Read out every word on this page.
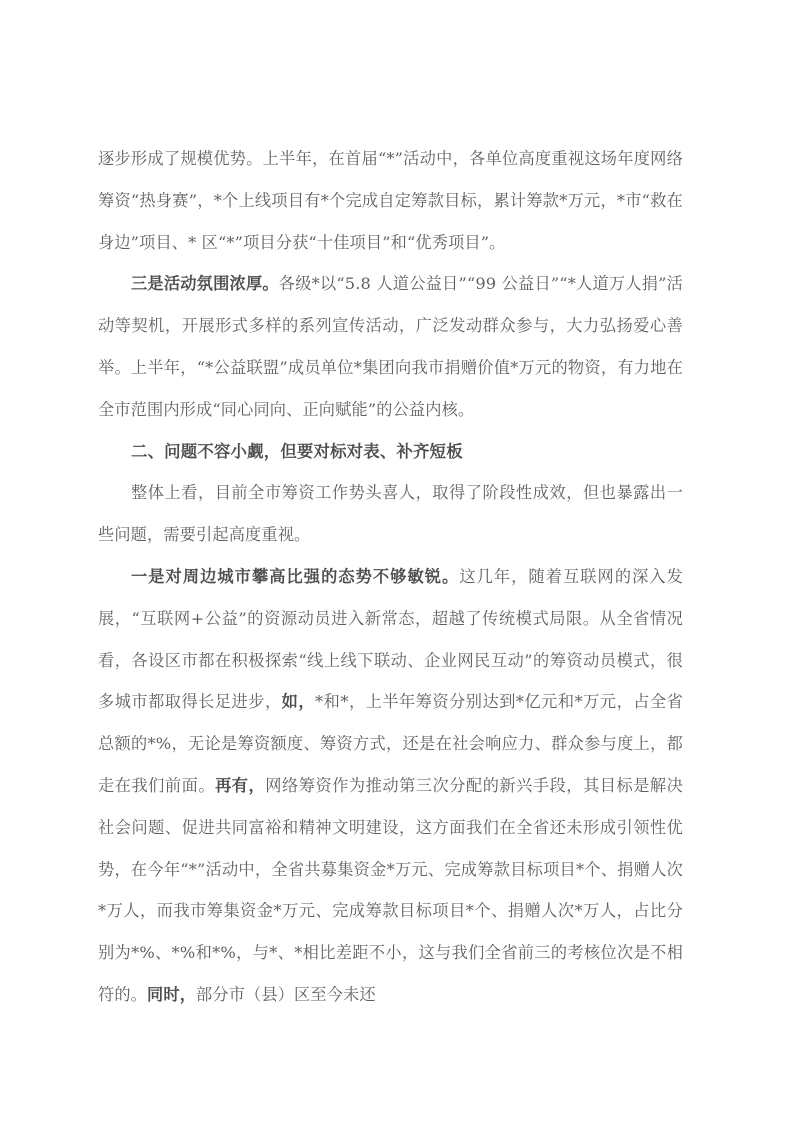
逐步形成了规模优势。上半年，在首届“*”活动中，各单位高度重视这场年度网络筹资“热身赛”，*个上线项目有*个完成自定筹款目标，累计筹款*万元，*市“救在身边”项目、* 区“*”项目分获“十佳项目”和“优秀项目”。

三是活动氛围浓厚。各级*以“5.8 人道公益日”“99 公益日”“*人道万人捐”活动等契机，开展形式多样的系列宣传活动，广泛发动群众参与，大力弘扬爱心善举。上半年，“*公益联盟”成员单位*集团向我市捐赠价值*万元的物资，有力地在全市范围内形成“同心同向、正向赋能”的公益内核。

二、问题不容小觑，但要对标对表、补齐短板

整体上看，目前全市筹资工作势头喜人，取得了阶段性成效，但也暴露出一些问题，需要引起高度重视。

一是对周边城市攀高比强的态势不够敏锐。这几年，随着互联网的深入发展，“互联网+公益”的资源动员进入新常态，超越了传统模式局限。从全省情况看，各设区市都在积极探索“线上线下联动、企业网民互动”的筹资动员模式，很多城市都取得长足进步，如，*和*，上半年筹资分别达到*亿元和*万元，占全省总额的*%，无论是筹资额度、筹资方式，还是在社会响应力、群众参与度上，都走在我们前面。再有，网络筹资作为推动第三次分配的新兴手段，其目标是解决社会问题、促进共同富裕和精神文明建设，这方面我们在全省还未形成引领性优势，在今年“*”活动中，全省共募集资金*万元、完成筹款目标项目*个、捐赠人次*万人，而我市筹集资金*万元、完成筹款目标项目*个、捐赠人次*万人，占比分别为*%、*%和*%，与*、*相比差距不小，这与我们全省前三的考核位次是不相符的。同时，部分市（县）区至今未还
